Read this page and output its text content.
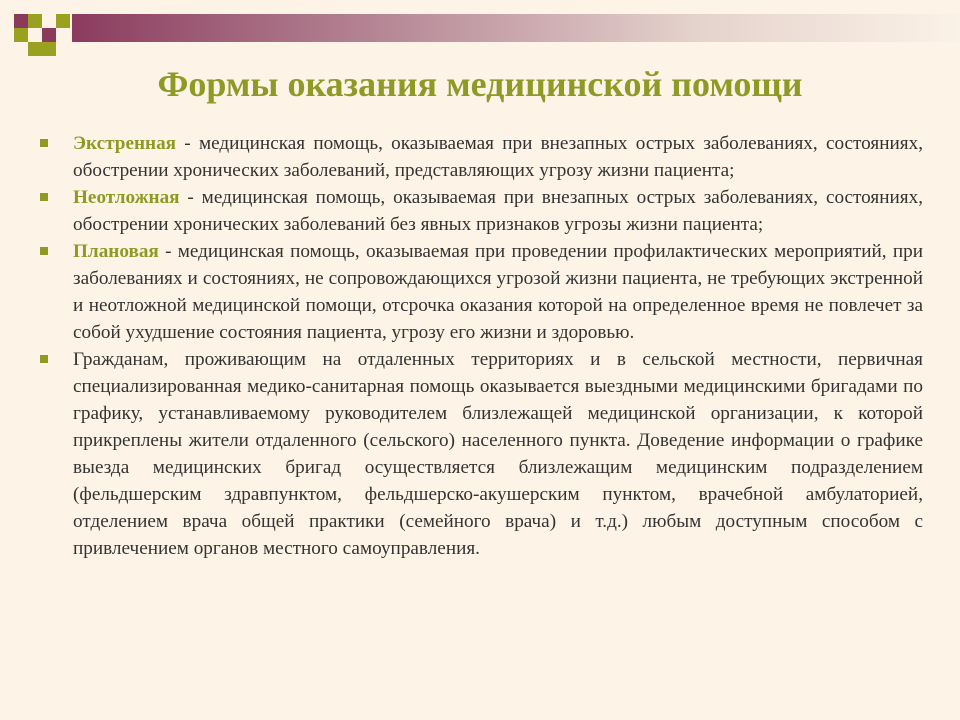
Формы оказания медицинской помощи
Экстренная - медицинская помощь, оказываемая при внезапных острых заболеваниях, состояниях, обострении хронических заболеваний, представляющих угрозу жизни пациента;
Неотложная - медицинская помощь, оказываемая при внезапных острых заболеваниях, состояниях, обострении хронических заболеваний без явных признаков угрозы жизни пациента;
Плановая - медицинская помощь, оказываемая при проведении профилактических мероприятий, при заболеваниях и состояниях, не сопровождающихся угрозой жизни пациента, не требующих экстренной и неотложной медицинской помощи, отсрочка оказания которой на определенное время не повлечет за собой ухудшение состояния пациента, угрозу его жизни и здоровью.
Гражданам, проживающим на отдаленных территориях и в сельской местности, первичная специализированная медико-санитарная помощь оказывается выездными медицинскими бригадами по графику, устанавливаемому руководителем близлежащей медицинской организации, к которой прикреплены жители отдаленного (сельского) населенного пункта. Доведение информации о графике выезда медицинских бригад осуществляется близлежащим медицинским подразделением (фельдшерским здравпунктом, фельдшерско-акушерским пунктом, врачебной амбулаторией, отделением врача общей практики (семейного врача) и т.д.) любым доступным способом с привлечением органов местного самоуправления.
